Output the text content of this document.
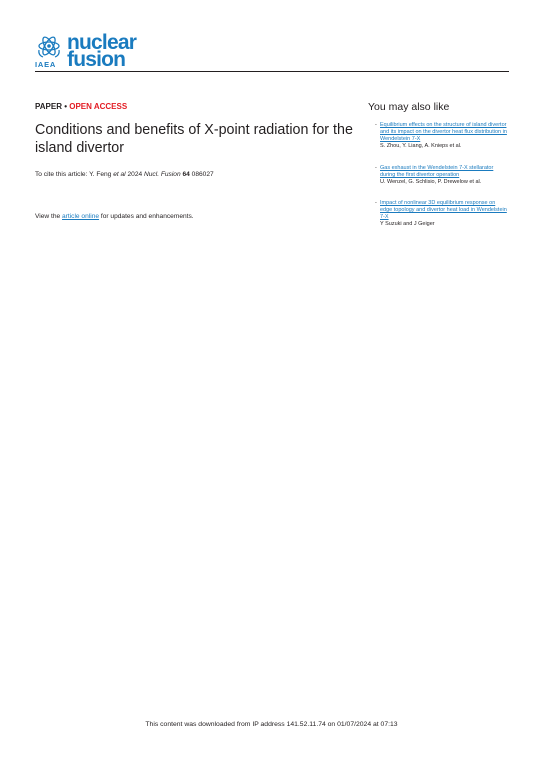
IAEA
nuclear
fusion
PAPER • OPEN ACCESS
Conditions and benefits of X-point radiation for the island divertor
To cite this article: Y. Feng et al 2024 Nucl. Fusion 64 086027
View the article online for updates and enhancements.
You may also like
- Equilibrium effects on the structure of island divertor and its impact on the divertor heat flux distribution in Wendelstein 7-X
S. Zhou, Y. Liang, A. Knieps et al.
- Gas exhaust in the Wendelstein 7-X stellarator during the first divertor operation
U. Wenzel, G. Schlisio, P. Drewelow et al.
- Impact of nonlinear 3D equilibrium response on edge topology and divertor heat load in Wendelstein 7-X
Y Suzuki and J Geiger
This content was downloaded from IP address 141.52.11.74 on 01/07/2024 at 07:13
